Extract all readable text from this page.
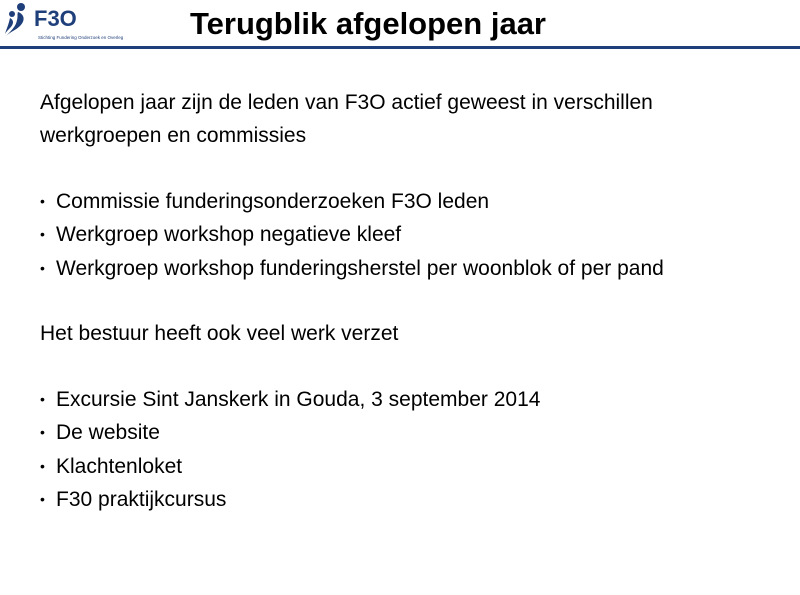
F3O
Stichting Fundering Onderzoek en Overleg Terugblik afgelopen jaar

Afgelopen jaar zijn de leden van F3O actief geweest in verschillen werkgroepen en commissies

• Commissie funderingsonderzoeken F3O leden
• Werkgroep workshop negatieve kleef
• Werkgroep workshop funderingsherstel per woonblok of per pand

Het bestuur heeft ook veel werk verzet

• Excursie Sint Janskerk in Gouda, 3 september 2014
• De website
• Klachtenloket
• F30 praktijkcursus
